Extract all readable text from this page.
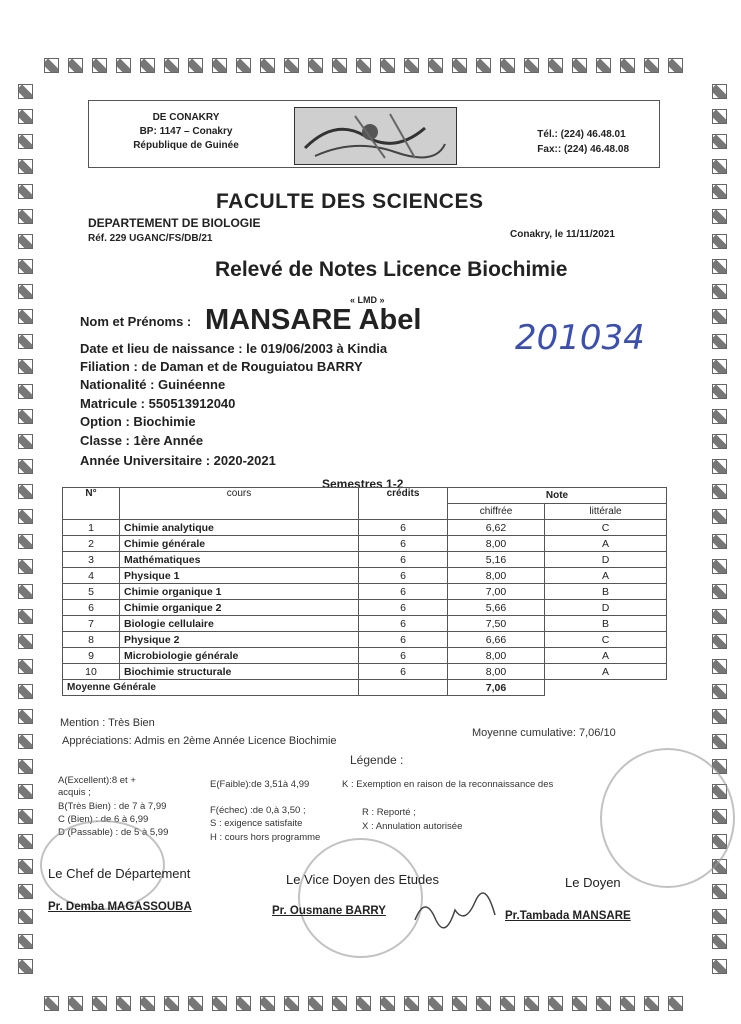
DE CONAKRY
BP: 1147 – Conakry
République de Guinée
Tél.: (224) 46.48.01
Fax:: (224) 46.48.08
FACULTE DES SCIENCES
DEPARTEMENT DE BIOLOGIE
Réf. 229 UGANC/FS/DB/21	Conakry, le 11/11/2021
Relevé de Notes Licence Biochimie
« LMD »
Nom et Prénoms : MANSARE Abel	201034
Date et lieu de naissance : le 019/06/2003 à Kindia
Filiation : de Daman et de Rouguiatou BARRY
Nationalité : Guinéenne
Matricule : 550513912040
Option : Biochimie
Classe : 1ère Année
Année Universitaire : 2020-2021
Semestres 1-2
N°	cours	crédits	Note	
			chiffrée	littérale
1	Chimie analytique	6	6,62	C
2	Chimie générale	6	8,00	A
3	Mathématiques	6	5,16	D
4	Physique 1	6	8,00	A
5	Chimie organique 1	6	7,00	B
6	Chimie organique 2	6	5,66	D
7	Biologie cellulaire	6	7,50	B
8	Physique 2	6	6,66	C
9	Microbiologie générale	6	8,00	A
10	Biochimie structurale	6	8,00	A
Moyenne Générale			7,06	
Mention : Très Bien
Moyenne cumulative: 7,06/10
Appréciations: Admis en 2ème Année Licence Biochimie
Légende :
A(Excellent):8 et +	E(Faible):de 3,51à 4,99	K : Exemption en raison de la reconnaissance des
acquis ;
B(Très Bien) : de 7 à 7,99	F(échec) :de 0,à 3,50 ;	R : Reporté ;
C (Bien) : de 6 à 6,99	S : exigence satisfaite	X : Annulation autorisée
D (Passable) : de 5 à 5,99	H : cours hors programme
Le Chef de Département	Le Vice Doyen des Etudes	Le Doyen
Pr. Demba MAGASSOUBA	Pr. Ousmane BARRY	Pr.Tambada MANSARE
